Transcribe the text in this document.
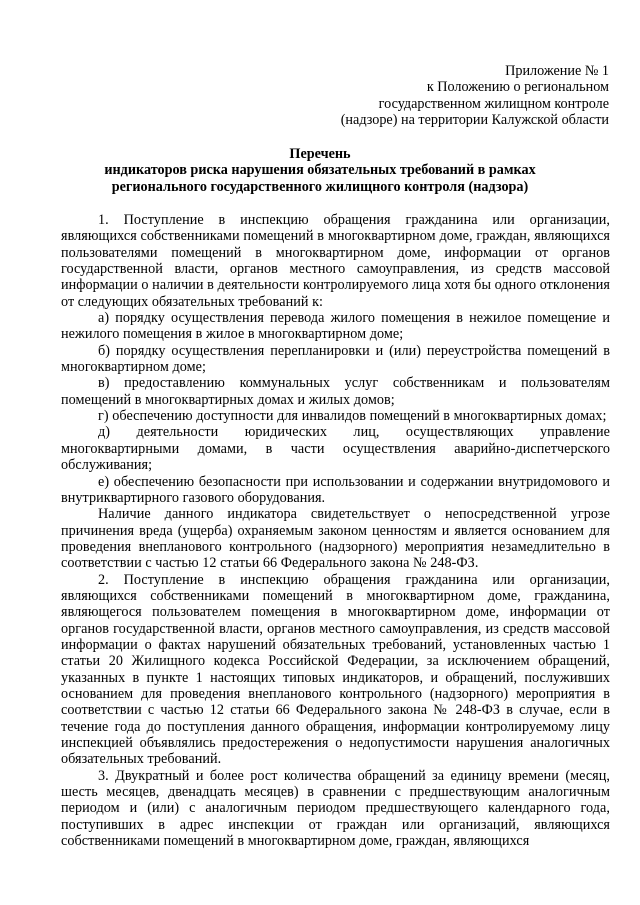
Приложение № 1
к Положению о региональном
государственном жилищном контроле
(надзоре) на территории Калужской области
Перечень
индикаторов риска нарушения обязательных требований в рамках
регионального государственного жилищного контроля (надзора)

1. Поступление в инспекцию обращения гражданина или организации, являющихся собственниками помещений в многоквартирном доме, граждан, являющихся пользователями помещений в многоквартирном доме, информации от органов государственной власти, органов местного самоуправления, из средств массовой информации о наличии в деятельности контролируемого лица хотя бы одного отклонения от следующих обязательных требований к:

а) порядку осуществления перевода жилого помещения в нежилое помещение и нежилого помещения в жилое в многоквартирном доме;

б) порядку осуществления перепланировки и (или) переустройства помещений в многоквартирном доме;

в) предоставлению коммунальных услуг собственникам и пользователям помещений в многоквартирных домах и жилых домов;

г) обеспечению доступности для инвалидов помещений в многоквартирных домах;

д) деятельности юридических лиц, осуществляющих управление многоквартирными домами, в части осуществления аварийно-диспетчерского обслуживания;

е) обеспечению безопасности при использовании и содержании внутридомового и внутриквартирного газового оборудования.

Наличие данного индикатора свидетельствует о непосредственной угрозе причинения вреда (ущерба) охраняемым законом ценностям и является основанием для проведения внепланового контрольного (надзорного) мероприятия незамедлительно в соответствии с частью 12 статьи 66 Федерального закона № 248-ФЗ.

2. Поступление в инспекцию обращения гражданина или организации, являющихся собственниками помещений в многоквартирном доме, гражданина, являющегося пользователем помещения в многоквартирном доме, информации от органов государственной власти, органов местного самоуправления, из средств массовой информации о фактах нарушений обязательных требований, установленных частью 1 статьи 20 Жилищного кодекса Российской Федерации, за исключением обращений, указанных в пункте 1 настоящих типовых индикаторов, и обращений, послуживших основанием для проведения внепланового контрольного (надзорного) мероприятия в соответствии с частью 12 статьи 66 Федерального закона № 248-ФЗ в случае, если в течение года до поступления данного обращения, информации контролируемому лицу инспекцией объявлялись предостережения о недопустимости нарушения аналогичных обязательных требований.

3. Двукратный и более рост количества обращений за единицу времени (месяц, шесть месяцев, двенадцать месяцев) в сравнении с предшествующим аналогичным периодом и (или) с аналогичным периодом предшествующего календарного года, поступивших в адрес инспекции от граждан или организаций, являющихся собственниками помещений в многоквартирном доме, граждан, являющихся
